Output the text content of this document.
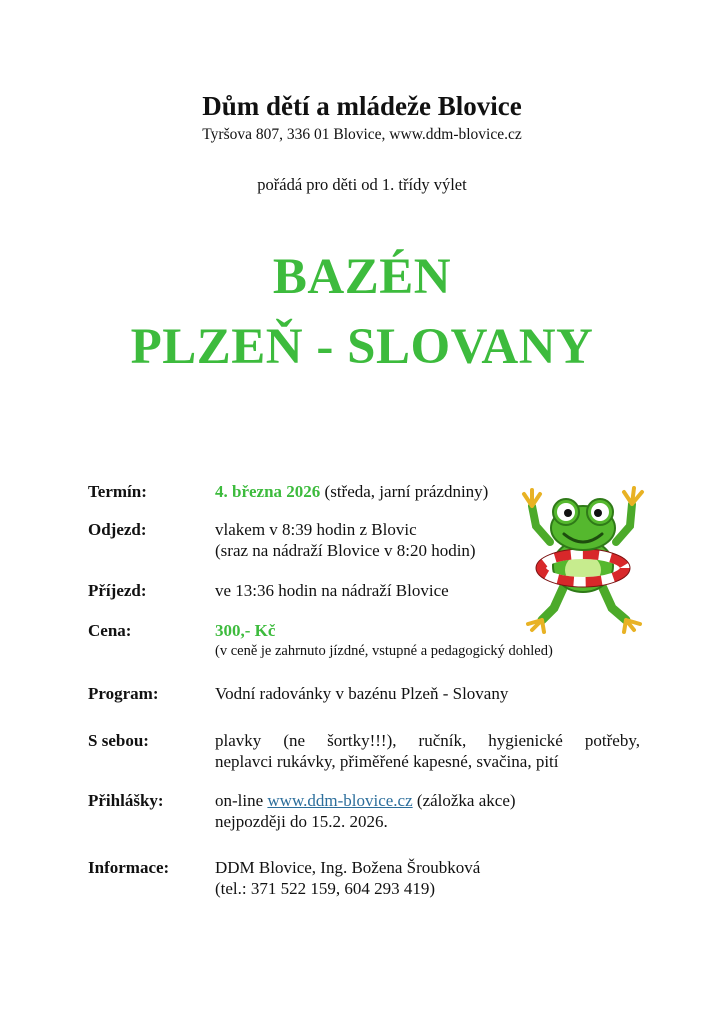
Dům dětí a mládeže Blovice
Tyršova 807, 336 01 Blovice, www.ddm-blovice.cz
pořádá pro děti od 1. třídy výlet
BAZÉN
PLZEŇ - SLOVANY
Termín:	4. března 2026 (středa, jarní prázdniny)
Odjezd:	vlakem v 8:39 hodin z Blovic
(sraz na nádraží Blovice v 8:20 hodin)
Příjezd:	ve 13:36 hodin na nádraží Blovice
Cena:	300,- Kč
(v ceně je zahrnuto jízdné, vstupné a pedagogický dohled)
Program:	Vodní radovánky v bazénu Plzeň - Slovany
S sebou:	plavky (ne šortky!!!), ručník, hygienické potřeby,
neplavci rukávky, přiměřené kapesné, svačina, pití
Přihlášky:	on-line www.ddm-blovice.cz (záložka akce)
nejpozději do 15.2. 2026.
Informace:	DDM Blovice, Ing. Božena Šroubková
(tel.: 371 522 159, 604 293 419)
